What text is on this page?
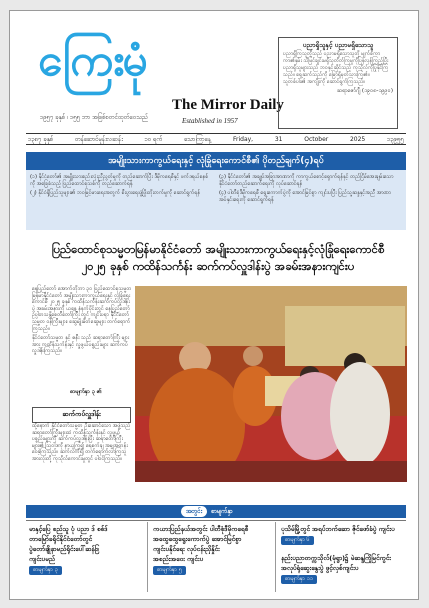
ကြေးမုံ
၁၉၅၇ ခုနှစ် ၊ ၁၅၅ ဘာ အဖြစ်စတင်ထုတ်ဝေသည်
The Mirror Daily
Established in 1957
ပညာရှိသူနှင့် ပညာမရှိသောသူ
ပညာရှိကြသူတို့သည် ပညာမရှိသောသူတို့ မျက်စိကာကာ၏နှမ်း သိမြင်ချင်းမရှိသုတိတ်ကြမှုကိုပြန်လှန်ကြည့်ပြီး ပညာရှိသူများသည် ဘဝနှင့်ဆိုင်သည့် ကုသိုလ်ကိုပြုနိုင်ကြသည်။ ရှေ့ဆက်သည်ကို မြော်ရှိမှတ်သားကြ၏။ သူတစ်ပါး၏ အကျိုးကို ဆောင်ရွက်ကြသည်။
ဆရာဇော်ဂျီ (၁၉၀၈-၁၉၉၀)
၁၃၈၇ ခုနှစ်	တန်ဆောင်မုန်းလဆန်း	၁၀ ရက်	သောကြာနေ့	Friday,	31	October	2025	၁၃၉၅၅
အမျိုးသားကာကွယ်ရေးနှင့် လုံခြုံရေးကောင်စီ၏ ပိုတည်ချက်(၄)ရပ်

(၁) နိုင်ငံတော်၏ အမျိုးသားစည်းလုံးညီညွတ်မှုကို တည်ဆောက်ပြီး ဒီမိုကရေစီနှင့် ဖက်ဒရယ်စနစ်ကို အခြေခံသည့် ပြည်ထောင်စုသစ်ကို တည်ဆောက်ရန်

(၂) နိုင်ငံရှိပြည်သူများ၏ ဘဝမြင့်မားရေးအတွက် စီးပွားရေးဖွံ့ဖြိုးတိုးတက်မှုကို ဆောင်ရွက်ရန်

(၃) နိုင်ငံတော်၏ အချုပ်အခြာအာဏာကို ကာကွယ်စောင့်ရှောက်ရန်နှင့် တည်ငြိမ်အေးချမ်းသော နိုင်ငံတော်တည်ဆောက်ရေးကို လုပ်ဆောင်ရန်

(၄) ပါတီစုံဒီမိုကရေစီ ရွေးကောက်ပွဲကို အောင်မြင်စွာ ကျင်းပပြီး ပြည်သူ့ဆန္ဒနှင့်အညီ အာဏာအပ်နှင်းရေးကို ဆောင်ရွက်ရန်

ပြည်ထောင်စုသမ္မတမြန်မာနိုင်ငံတော် အမျိုးသားကာကွယ်ရေးနှင့်လုံခြုံရေးကောင်စီ
၂၀၂၅ ခုနှစ် ကထိန်သင်္ကန်း ဆက်ကပ်လှူဒါန်းပွဲ အခမ်းအနားကျင်းပ

နေပြည်တော် အောက်တိုဘာ ၃၀ ပြည်ထောင်စုသမ္မတမြန်မာနိုင်ငံတော် အမျိုးသားကာကွယ်ရေးနှင့် လုံခြုံရေးကောင်စီ ၂၀၂၅ ခုနှစ် ကထိန်သင်္ကန်းဆက်ကပ်လှူဒါန်းပွဲ အခမ်းအနားကို ယနေ့ နံနက်ပိုင်းတွင် နေပြည်တော် ဥပ္ပါတသန္တိစေတီတော်ကြီး တွင် ကျင်းပရာ နိုင်ငံတော်သမ္မတ ဝန်ကြီးများ၊ ဆွေမျိုးမိတ်ဆွေများ တက်ရောက်ကြသည်။

နိုင်ငံတော်သမ္မတ နှင့် ဇနီး သည် ဆရာတော်ကြီး များအား ကထိန်သင်္ကန်းနှင့် လှူဖွယ်ပစ္စည်းများ ဆက်ကပ်လှူဒါန်းကြသည်။

စာမျက်နှာ ၃ ၏
ဆက်ကပ်လှူဒါန်း

ထို့နောက် နိုင်ငံတော်သမ္မတ ဦးဆောင်သော အဖွဲ့သည် ဆရာတော်ကြီးများထံ ကထိန်သင်္ကန်းနှင့် လှူဖွယ်ပစ္စည်းများကို ဆက်ကပ်လှူဒါန်းပြီး ဆရာတော်ကြီးများ၏ ဩဝါဒကို နာယူကြ၍ ရေစက်ချ အမျှအတန်း ဝေခဲ့ကြသည်။ ဆက်လက်၍ တက်ရောက်လာကြသူ အားလုံးတို့ ကုသိုလ်ကောင်းမှုတွင် ပါဝင်ကြသည်။

အတွင်း	စာမျက်နှာ
မာနှင့်ပြေ စည်သူ ပုံ ပညာ ဒ် စစ်ဒ်
တာမြော်ခရိုင်နိုင်ငံတော်တွင်
ပွဲတော်ချိုနာမည်ရိုင်းပေါ်ဆန်ဒြ
ကျင်းပမည်
စာမျက်နှာ ၃
ကယားပြည်နယ်အတွင်း ပါတီစုံဒီမိုကရေစီ
အထွေထွေရွေးကောက်ပွဲ အောင်မြင်စွာ
ကျင်းပနိုင်ရေး လုပ်ငန်းညှိနှိုင်း
အစည်းအဝေး ကျင်းပ
စာမျက်နှာ ၅
ပုသိမ်မြို့တွင် အရပ်ဘက်ဆော ဇိုင်ဖော်ခံပွဲ ကျင်းပ
စာမျက်နှာ ၆
နည်းပညာတက္ကသိုလ်(မုံရွာ)၌ မဲဆန္ဒကြိုမြင်ကွင်း
အလုပ်ရုံဆွေးနွေးပွဲ ဖွင့်လှစ်ကျင်းပ
စာမျက်နှာ ၁၁
